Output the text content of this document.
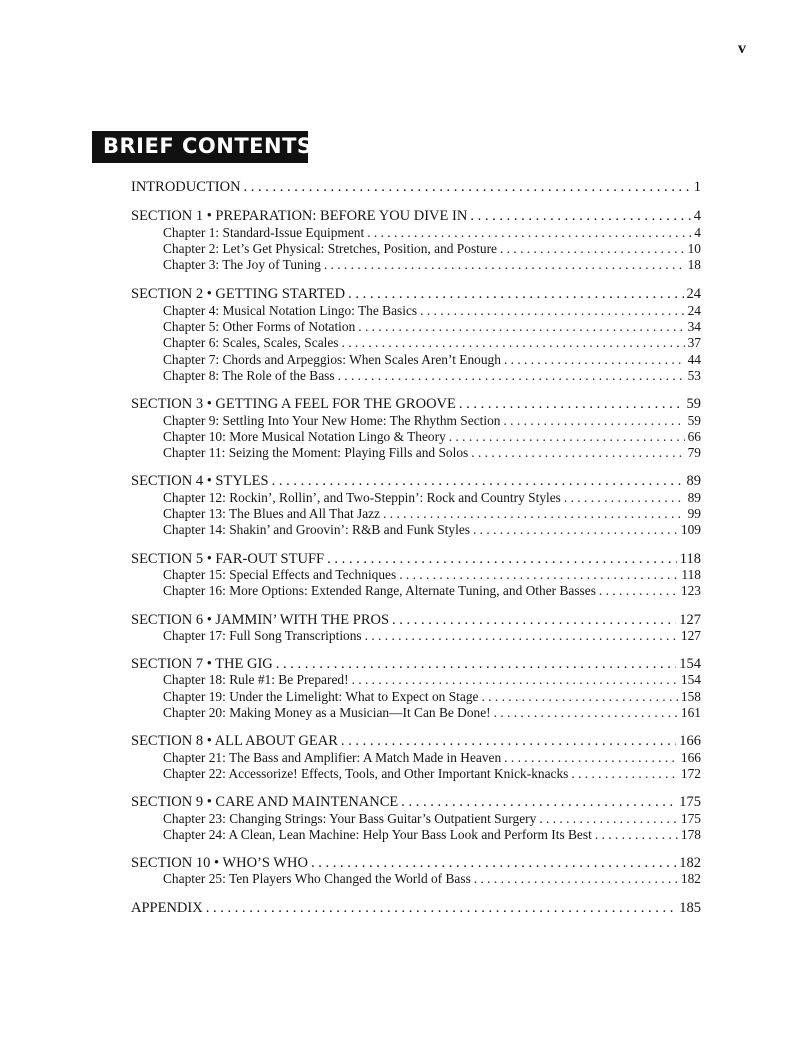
v
BRIEF CONTENTS
INTRODUCTION . . .	1
SECTION 1 • PREPARATION: BEFORE YOU DIVE IN . . .	4
Chapter 1: Standard-Issue Equipment . . .	4
Chapter 2: Let’s Get Physical: Stretches, Position, and Posture . . .	10
Chapter 3: The Joy of Tuning . . .	18
SECTION 2 • GETTING STARTED . . .	24
Chapter 4: Musical Notation Lingo: The Basics . . .	24
Chapter 5: Other Forms of Notation . . .	34
Chapter 6: Scales, Scales, Scales . . .	37
Chapter 7: Chords and Arpeggios: When Scales Aren’t Enough . . .	44
Chapter 8: The Role of the Bass . . .	53
SECTION 3 • GETTING A FEEL FOR THE GROOVE . . .	59
Chapter 9: Settling Into Your New Home: The Rhythm Section . . .	59
Chapter 10: More Musical Notation Lingo & Theory . . .	66
Chapter 11: Seizing the Moment: Playing Fills and Solos . . .	79
SECTION 4 • STYLES . . .	89
Chapter 12: Rockin’, Rollin’, and Two-Steppin’: Rock and Country Styles . . .	89
Chapter 13: The Blues and All That Jazz . . .	99
Chapter 14: Shakin’ and Groovin’: R&B and Funk Styles . . .	109
SECTION 5 • FAR-OUT STUFF . . .	118
Chapter 15: Special Effects and Techniques . . .	118
Chapter 16: More Options: Extended Range, Alternate Tuning, and Other Basses . . .	123
SECTION 6 • JAMMIN’ WITH THE PROS . . .	127
Chapter 17: Full Song Transcriptions . . .	127
SECTION 7 • THE GIG . . .	154
Chapter 18: Rule #1: Be Prepared! . . .	154
Chapter 19: Under the Limelight: What to Expect on Stage . . .	158
Chapter 20: Making Money as a Musician—It Can Be Done! . . .	161
SECTION 8 • ALL ABOUT GEAR . . .	166
Chapter 21: The Bass and Amplifier: A Match Made in Heaven . . .	166
Chapter 22: Accessorize! Effects, Tools, and Other Important Knick-knacks . . .	172
SECTION 9 • CARE AND MAINTENANCE . . .	175
Chapter 23: Changing Strings: Your Bass Guitar’s Outpatient Surgery . . .	175
Chapter 24: A Clean, Lean Machine: Help Your Bass Look and Perform Its Best . . .	178
SECTION 10 • WHO’S WHO . . .	182
Chapter 25: Ten Players Who Changed the World of Bass . . .	182
APPENDIX . . .	185
